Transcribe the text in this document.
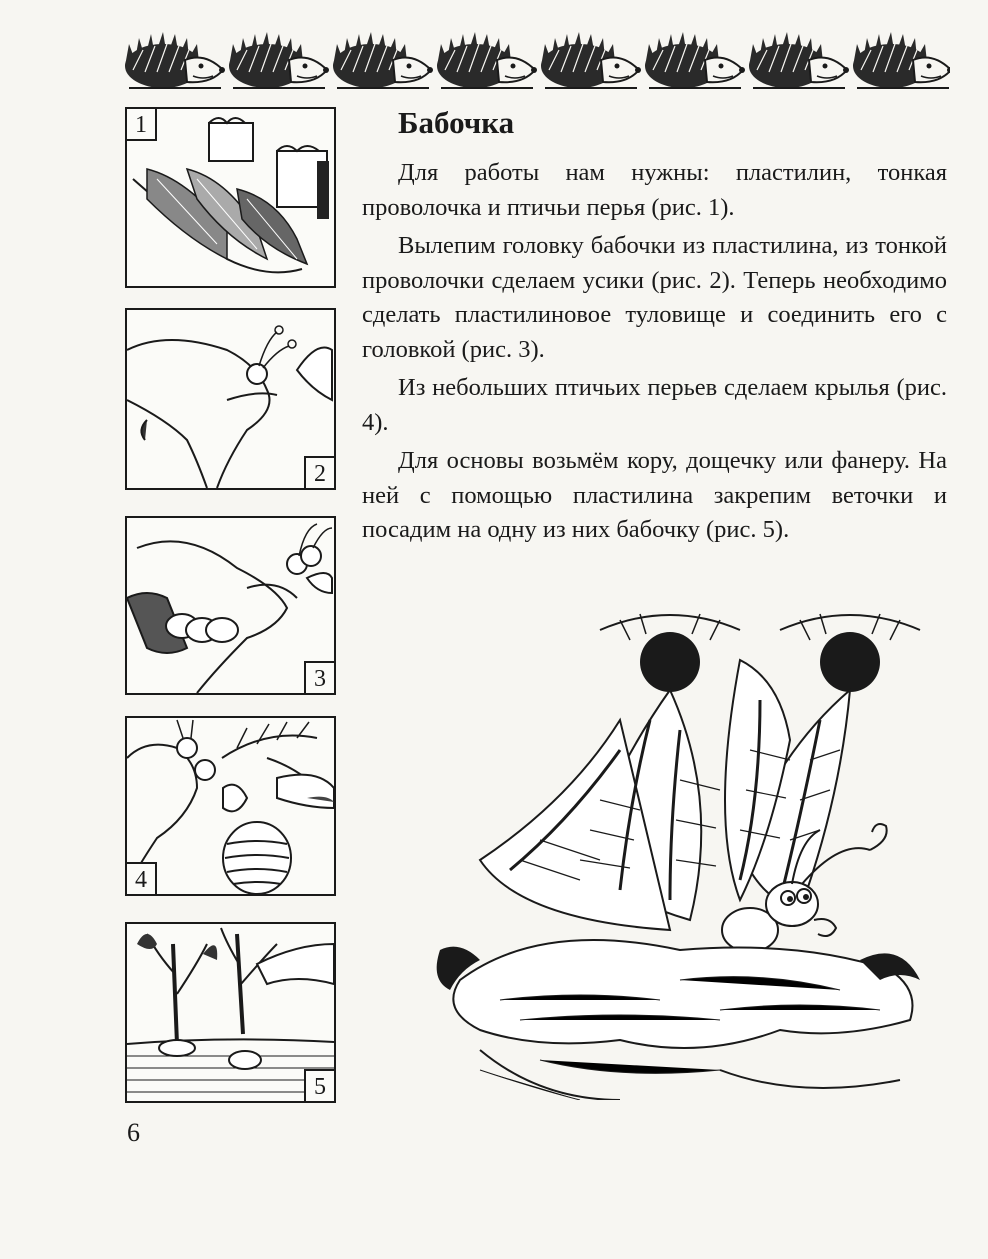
1
2
3
4
5
Бабочка

Для работы нам нужны: пластилин, тонкая проволочка и птичьи перья (рис. 1).

Вылепим головку бабочки из пластилина, из тонкой проволочки сделаем усики (рис. 2). Теперь необходимо сделать пластилиновое туловище и соединить его с головкой (рис. 3).

Из небольших птичьих перьев сделаем крылья (рис. 4).

Для основы возьмём кору, дощечку или фанеру. На ней с помощью пластилина закрепим веточки и посадим на одну из них бабочку (рис. 5).

6
